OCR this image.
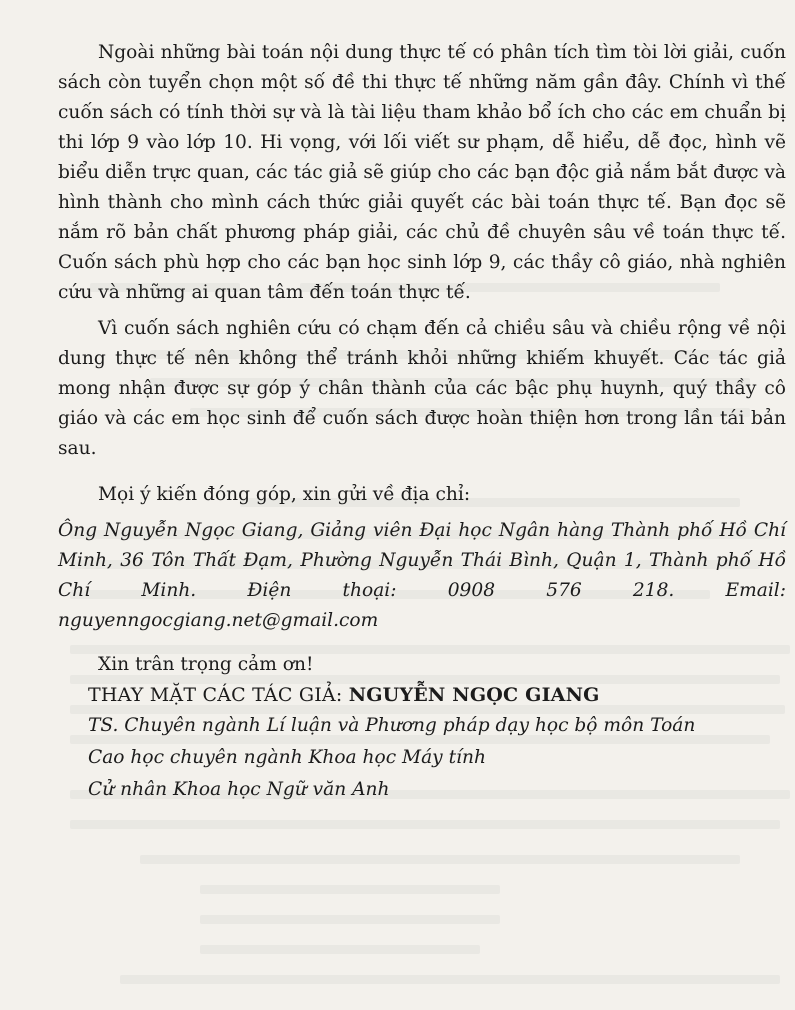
Ngoài những bài toán nội dung thực tế có phân tích tìm tòi lời giải, cuốn sách còn tuyển chọn một số đề thi thực tế những năm gần đây. Chính vì thế cuốn sách có tính thời sự và là tài liệu tham khảo bổ ích cho các em chuẩn bị thi lớp 9 vào lớp 10. Hi vọng, với lối viết sư phạm, dễ hiểu, dễ đọc, hình vẽ biểu diễn trực quan, các tác giả sẽ giúp cho các bạn độc giả nắm bắt được và hình thành cho mình cách thức giải quyết các bài toán thực tế. Bạn đọc sẽ nắm rõ bản chất phương pháp giải, các chủ đề chuyên sâu về toán thực tế. Cuốn sách phù hợp cho các bạn học sinh lớp 9, các thầy cô giáo, nhà nghiên cứu và những ai quan tâm đến toán thực tế.

Vì cuốn sách nghiên cứu có chạm đến cả chiều sâu và chiều rộng về nội dung thực tế nên không thể tránh khỏi những khiếm khuyết. Các tác giả mong nhận được sự góp ý chân thành của các bậc phụ huynh, quý thầy cô giáo và các em học sinh để cuốn sách được hoàn thiện hơn trong lần tái bản sau.

Mọi ý kiến đóng góp, xin gửi về địa chỉ:

Ông Nguyễn Ngọc Giang, Giảng viên Đại học Ngân hàng Thành phố Hồ Chí Minh, 36 Tôn Thất Đạm, Phường Nguyễn Thái Bình, Quận 1, Thành phố Hồ Chí Minh. Điện thoại: 0908 576 218. Email: nguyenngocgiang.net@gmail.com

Xin trân trọng cảm ơn!

THAY MẶT CÁC TÁC GIẢ: NGUYỄN NGỌC GIANG

TS. Chuyên ngành Lí luận và Phương pháp dạy học bộ môn Toán

Cao học chuyên ngành Khoa học Máy tính

Cử nhân Khoa học Ngữ văn Anh
